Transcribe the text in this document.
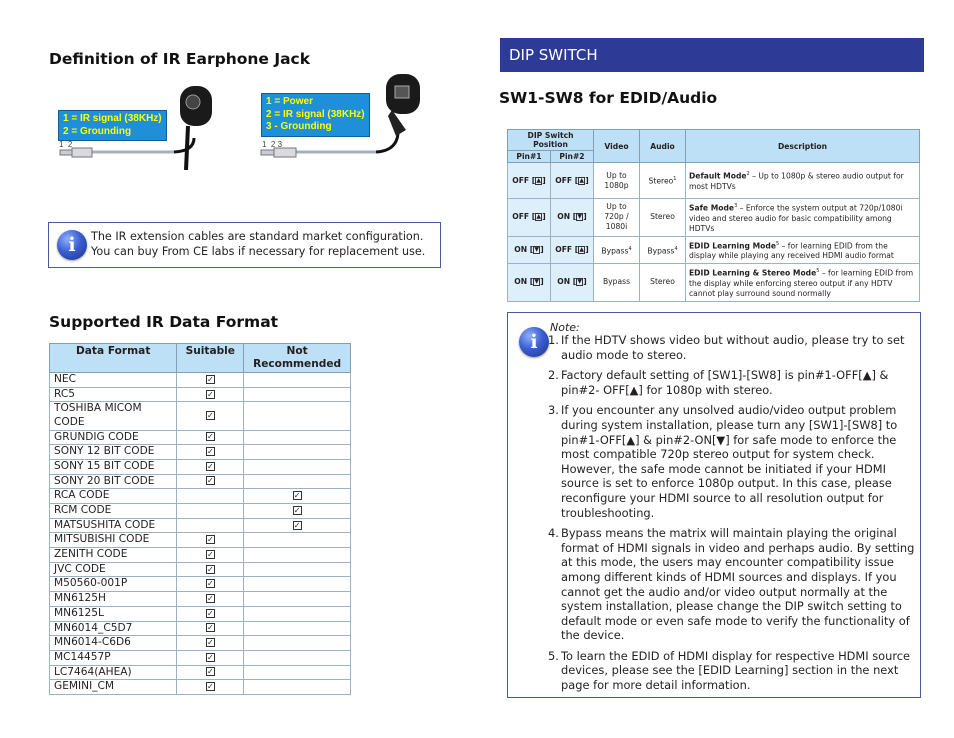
Definition of IR Earphone Jack
1 = IR signal (38KHz)
2 = Grounding
1  2
1 = Power
2 = IR signal (38KHz)
3 - Grounding
1  2 3
i	The IR extension cables are standard market configuration.
You can buy From CE labs if necessary for replacement use.
Supported IR Data Format
Data Format	Suitable	Not Recommended
NEC	✓	
RC5	✓	
TOSHIBA MICOM CODE	✓	
GRUNDIG CODE	✓	
SONY 12 BIT CODE	✓	
SONY 15 BIT CODE	✓	
SONY 20 BIT CODE	✓	
RCA CODE		✓
RCM CODE		✓
MATSUSHITA CODE		✓
MITSUBISHI CODE	✓	
ZENITH CODE	✓	
JVC CODE	✓	
M50560-001P	✓	
MN6125H	✓	
MN6125L	✓	
MN6014_C5D7	✓	
MN6014-C6D6	✓	
MC14457P	✓	
LC7464(AHEA)	✓	
GEMINI_CM	✓	
DIP SWITCH
SW1-SW8 for EDID/Audio
DIP Switch Position		Video	Audio	Description
Pin#1	Pin#2			
OFF [▲]	OFF [▲]	Up to 1080p	Stereo$^1$	Default Mode$^2$ – Up to 1080p & stereo audio output for most HDTVs
OFF [▲]	ON [▼]	Up to 720p / 1080i	Stereo	Safe Mode$^3$ – Enforce the system output at 720p/1080i video and stereo audio for basic compatibility among HDTVs
ON [▼]	OFF [▲]	Bypass$^4$	Bypass$^4$	EDID Learning Mode$^5$ – for learning EDID from the display while playing any received HDMI audio format
ON [▼]	ON [▼]	Bypass	Stereo	EDID Learning & Stereo Mode$^5$ – for learning EDID from the display while enforcing stereo output if any HDTV cannot play surround sound normally
i
Note:
1. If the HDTV shows video but without audio, please try to set audio mode to stereo.
2. Factory default setting of [SW1]-[SW8] is pin#1-OFF[▲] & pin#2- OFF[▲] for 1080p with stereo.
3. If you encounter any unsolved audio/video output problem during system installation, please turn any [SW1]-[SW8] to pin#1-OFF[▲] & pin#2-ON[▼] for safe mode to enforce the most compatible 720p stereo output for system check. However, the safe mode cannot be initiated if your HDMI source is set to enforce 1080p output. In this case, please reconfigure your HDMI source to all resolution output for troubleshooting.
4. Bypass means the matrix will maintain playing the original format of HDMI signals in video and perhaps audio. By setting at this mode, the users may encounter compatibility issue among different kinds of HDMI sources and displays. If you cannot get the audio and/or video output normally at the system installation, please change the DIP switch setting to default mode or even safe mode to verify the functionality of the device.
5. To learn the EDID of HDMI display for respective HDMI source devices, please see the [EDID Learning] section in the next page for more detail information.
